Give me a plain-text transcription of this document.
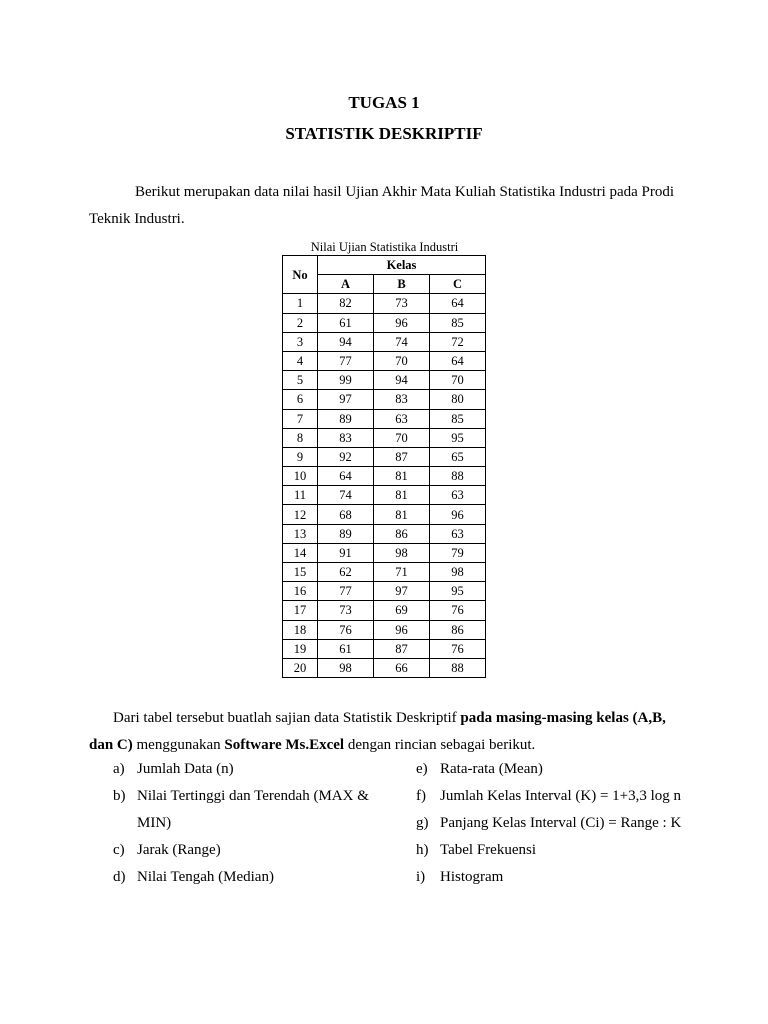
TUGAS 1
STATISTIK DESKRIPTIF

Berikut merupakan data nilai hasil Ujian Akhir Mata Kuliah Statistika Industri pada Prodi Teknik Industri.

Nilai Ujian Statistika Industri
No	Kelas		
	A	B	C
1	82	73	64
2	61	96	85
3	94	74	72
4	77	70	64
5	99	94	70
6	97	83	80
7	89	63	85
8	83	70	95
9	92	87	65
10	64	81	88
11	74	81	63
12	68	81	96
13	89	86	63
14	91	98	79
15	62	71	98
16	77	97	95
17	73	69	76
18	76	96	86
19	61	87	76
20	98	66	88

Dari tabel tersebut buatlah sajian data Statistik Deskriptif pada masing-masing kelas (A,B, dan C) menggunakan Software Ms.Excel dengan rincian sebagai berikut.

a) Jumlah Data (n)
b) Nilai Tertinggi dan Terendah (MAX &
MIN)
c) Jarak (Range)
d) Nilai Tengah (Median)
e) Rata-rata (Mean)
f) Jumlah Kelas Interval (K) = 1+3,3 log n
g) Panjang Kelas Interval (Ci) = Range : K
h) Tabel Frekuensi
i) Histogram
